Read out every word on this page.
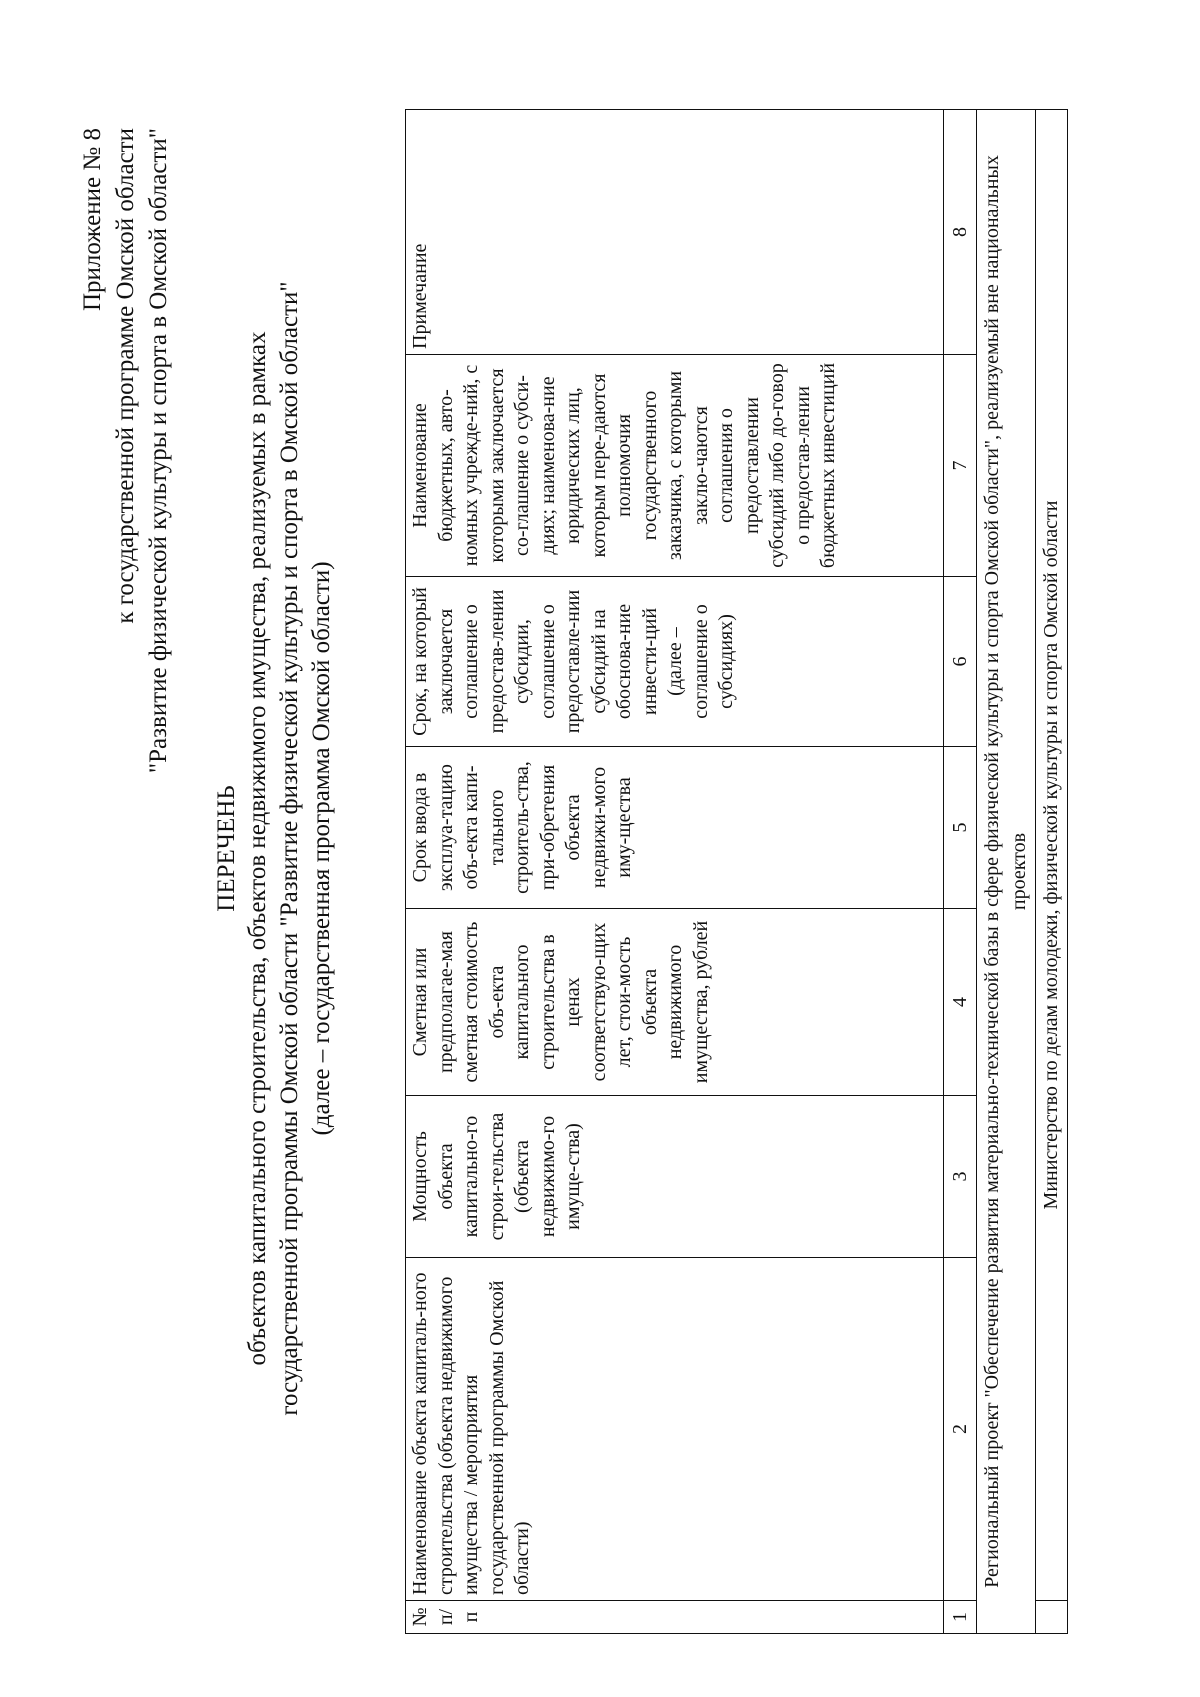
Приложение № 8 к государственной программе Омской области "Развитие физической культуры и спорта в Омской области"
ПЕРЕЧЕНЬ объектов капитального строительства, объектов недвижимого имущества, реализуемых в рамках государственной программы Омской области "Развитие физической культуры и спорта в Омской области" (далее – государственная программа Омской области)
№ п/п	Наименование объекта капиталь-ного строительства (объекта недвижимого имущества / мероприятия государственной программы Омской области)	Мощность объекта капитально-го строи-тельства (объекта недвижимо-го имуще-ства)	Сметная или предполагае-мая сметная стоимость объ-екта капитального строительства в ценах соответствую-щих лет, стои-мость объекта недвижимого имущества, рублей	Срок ввода в эксплуа-тацию объ-екта капи-тального строитель-ства, при-обретения объекта недвижи-мого иму-щества	Срок, на который заключается соглашение о предостав-лении субсидии, соглашение о предоставле-нии субсидий на обоснова-ние инвести-ций (далее – соглашение о субсидиях)	Наименование бюджетных, авто-номных учрежде-ний, с которыми заключается со-глашение о субси-диях; наименова-ние юридических лиц, которым пере-даются полномочия государственного заказчика, с которыми заклю-чаются соглашения о предоставлении субсидий либо до-говор о предостав-лении бюджетных инвестиций	Примечание
1	2	3	4	5	6	7	8
Региональный проект "Обеспечение развития материально-технической базы в сфере физической культуры и спорта Омской области", реализуемый вне национальных проектов							
	Министерство по делам молодежи, физической культуры и спорта Омской области						
